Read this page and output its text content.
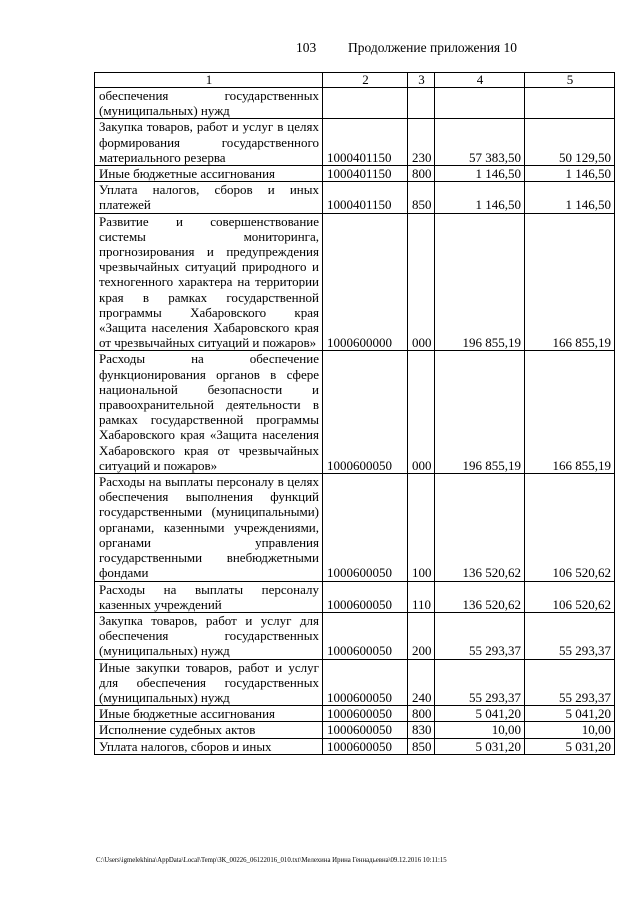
103 Продолжение приложения 10
1	2	3	4	5
обеспечения государственных (муниципальных) нужд				
Закупка товаров, работ и услуг в целях формирования государственного материального резерва	1000401150	230	57 383,50	50 129,50
Иные бюджетные ассигнования	1000401150	800	1 146,50	1 146,50
Уплата налогов, сборов и иных платежей	1000401150	850	1 146,50	1 146,50
Развитие и совершенствование системы мониторинга, прогнозирования и предупреждения чрезвычайных ситуаций природного и техногенного характера на территории края в рамках государственной программы Хабаровского края «Защита населения Хабаровского края от чрезвычайных ситуаций и пожаров»	1000600000	000	196 855,19	166 855,19
Расходы на обеспечение функционирования органов в сфере национальной безопасности и правоохранительной деятельности в рамках государственной программы Хабаровского края «Защита населения Хабаровского края от чрезвычайных ситуаций и пожаров»	1000600050	000	196 855,19	166 855,19
Расходы на выплаты персоналу в целях обеспечения выполнения функций государственными (муниципальными) органами, казенными учреждениями, органами управления государственными внебюджетными фондами	1000600050	100	136 520,62	106 520,62
Расходы на выплаты персоналу казенных учреждений	1000600050	110	136 520,62	106 520,62
Закупка товаров, работ и услуг для обеспечения государственных (муниципальных) нужд	1000600050	200	55 293,37	55 293,37
Иные закупки товаров, работ и услуг для обеспечения государственных (муниципальных) нужд	1000600050	240	55 293,37	55 293,37
Иные бюджетные ассигнования	1000600050	800	5 041,20	5 041,20
Исполнение судебных актов	1000600050	830	10,00	10,00
Уплата налогов, сборов и иных	1000600050	850	5 031,20	5 031,20
C:\Users\igmelekhina\AppData\Local\Temp\ЗК_00226_06122016_010.txt\Мелехина Ирина Геннадьевна\09.12.2016 10:11:15
